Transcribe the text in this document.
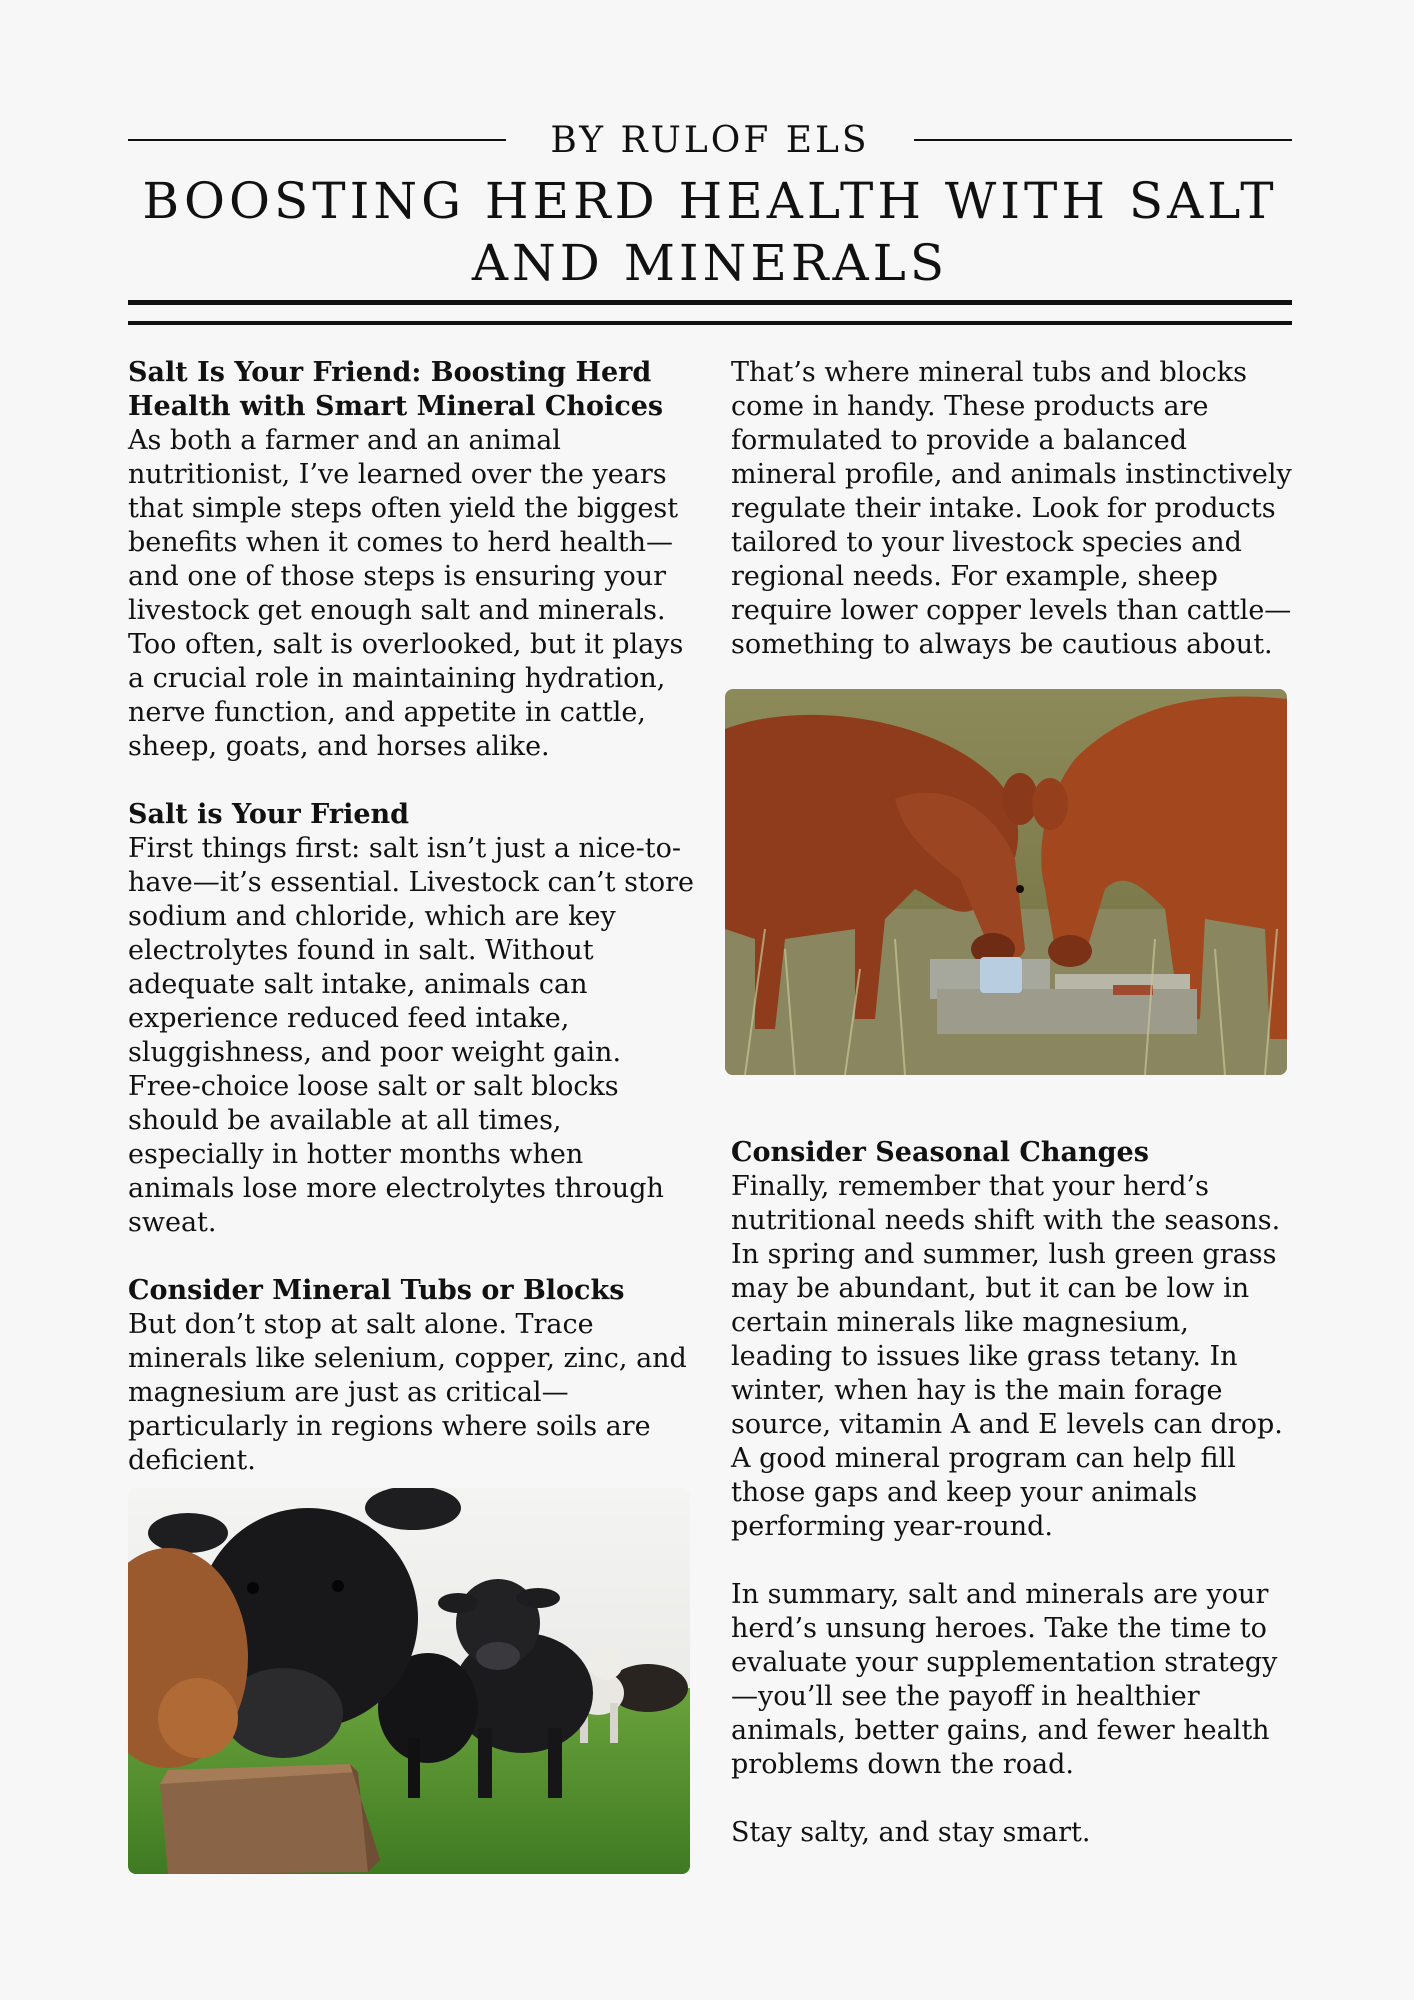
BY RULOF ELS
BOOSTING HERD HEALTH WITH SALT AND MINERALS
Salt Is Your Friend: Boosting Herd Health with Smart Mineral Choices

As both a farmer and an animal nutritionist, I’ve learned over the years that simple steps often yield the biggest benefits when it comes to herd health—and one of those steps is ensuring your livestock get enough salt and minerals. Too often, salt is overlooked, but it plays a crucial role in maintaining hydration, nerve function, and appetite in cattle, sheep, goats, and horses alike.

Salt is Your Friend

First things first: salt isn’t just a nice-to-have—it’s essential. Livestock can’t store sodium and chloride, which are key electrolytes found in salt. Without adequate salt intake, animals can experience reduced feed intake, sluggishness, and poor weight gain. Free-choice loose salt or salt blocks should be available at all times, especially in hotter months when animals lose more electrolytes through sweat.

Consider Mineral Tubs or Blocks

But don’t stop at salt alone. Trace minerals like selenium, copper, zinc, and magnesium are just as critical—particularly in regions where soils are deficient.

That’s where mineral tubs and blocks come in handy. These products are formulated to provide a balanced mineral profile, and animals instinctively regulate their intake. Look for products tailored to your livestock species and regional needs. For example, sheep require lower copper levels than cattle—something to always be cautious about.

Consider Seasonal Changes

Finally, remember that your herd’s nutritional needs shift with the seasons. In spring and summer, lush green grass may be abundant, but it can be low in certain minerals like magnesium, leading to issues like grass tetany. In winter, when hay is the main forage source, vitamin A and E levels can drop. A good mineral program can help fill those gaps and keep your animals performing year-round.

In summary, salt and minerals are your herd’s unsung heroes. Take the time to evaluate your supplementation strategy—you’ll see the payoff in healthier animals, better gains, and fewer health problems down the road.

Stay salty, and stay smart.
